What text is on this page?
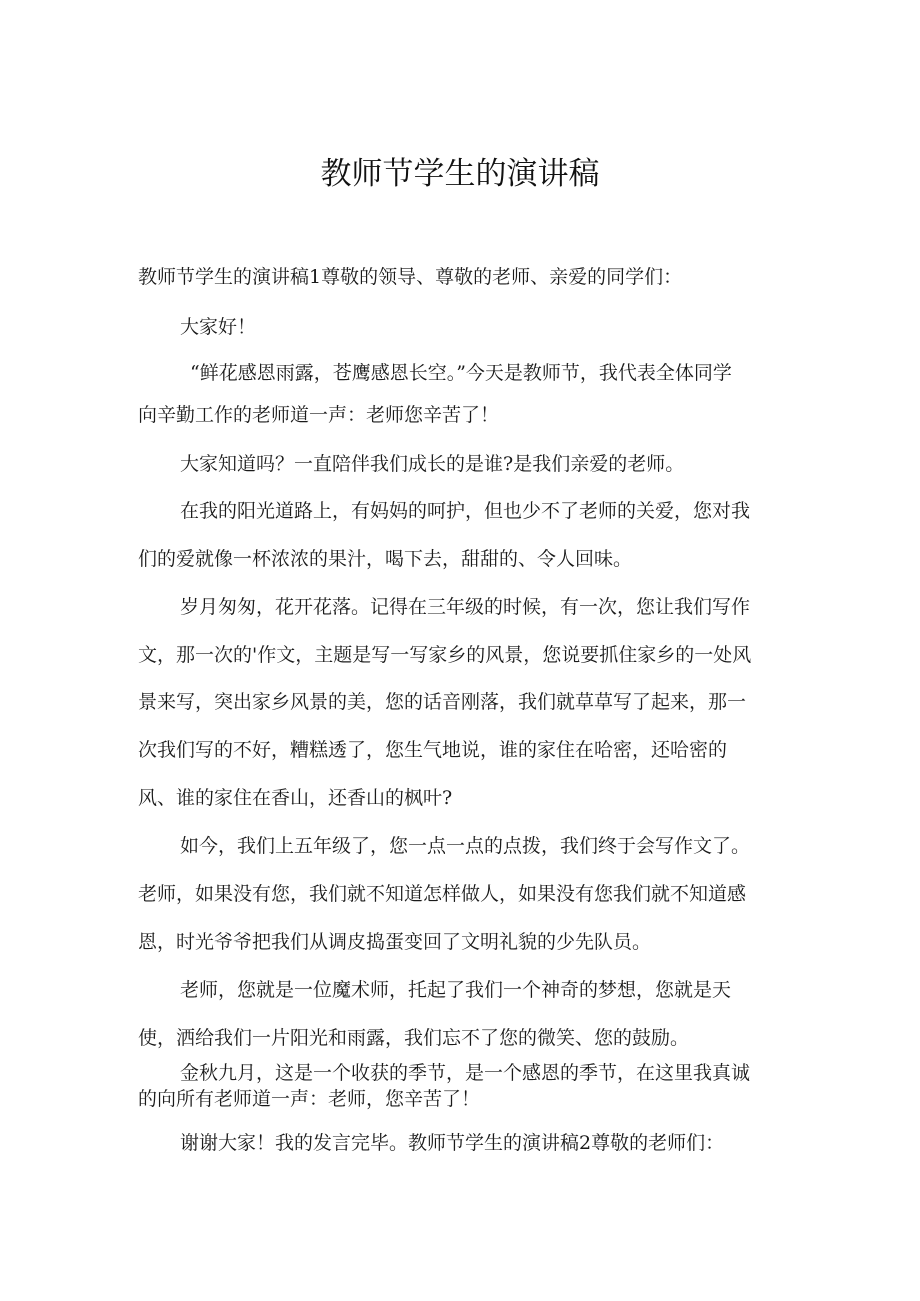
教师节学生的演讲稿

教师节学生的演讲稿1尊敬的领导、尊敬的老师、亲爱的同学们：

大家好！

“鲜花感恩雨露，苍鹰感恩长空。”今天是教师节，我代表全体同学

向辛勤工作的老师道一声：老师您辛苦了！

大家知道吗？一直陪伴我们成长的是谁?是我们亲爱的老师。

在我的阳光道路上，有妈妈的呵护，但也少不了老师的关爱，您对我

们的爱就像一杯浓浓的果汁，喝下去，甜甜的、令人回味。

岁月匆匆，花开花落。记得在三年级的时候，有一次，您让我们写作

文，那一次的'作文，主题是写一写家乡的风景，您说要抓住家乡的一处风

景来写，突出家乡风景的美，您的话音刚落，我们就草草写了起来，那一

次我们写的不好，糟糕透了，您生气地说，谁的家住在哈密，还哈密的

风、谁的家住在香山，还香山的枫叶?

如今，我们上五年级了，您一点一点的点拨，我们终于会写作文了。

老师，如果没有您，我们就不知道怎样做人，如果没有您我们就不知道感

恩，时光爷爷把我们从调皮捣蛋变回了文明礼貌的少先队员。

老师，您就是一位魔术师，托起了我们一个神奇的梦想，您就是天

使，洒给我们一片阳光和雨露，我们忘不了您的微笑、您的鼓励。

金秋九月，这是一个收获的季节，是一个感恩的季节，在这里我真诚

的向所有老师道一声：老师，您辛苦了！

谢谢大家！我的发言完毕。教师节学生的演讲稿2尊敬的老师们：
